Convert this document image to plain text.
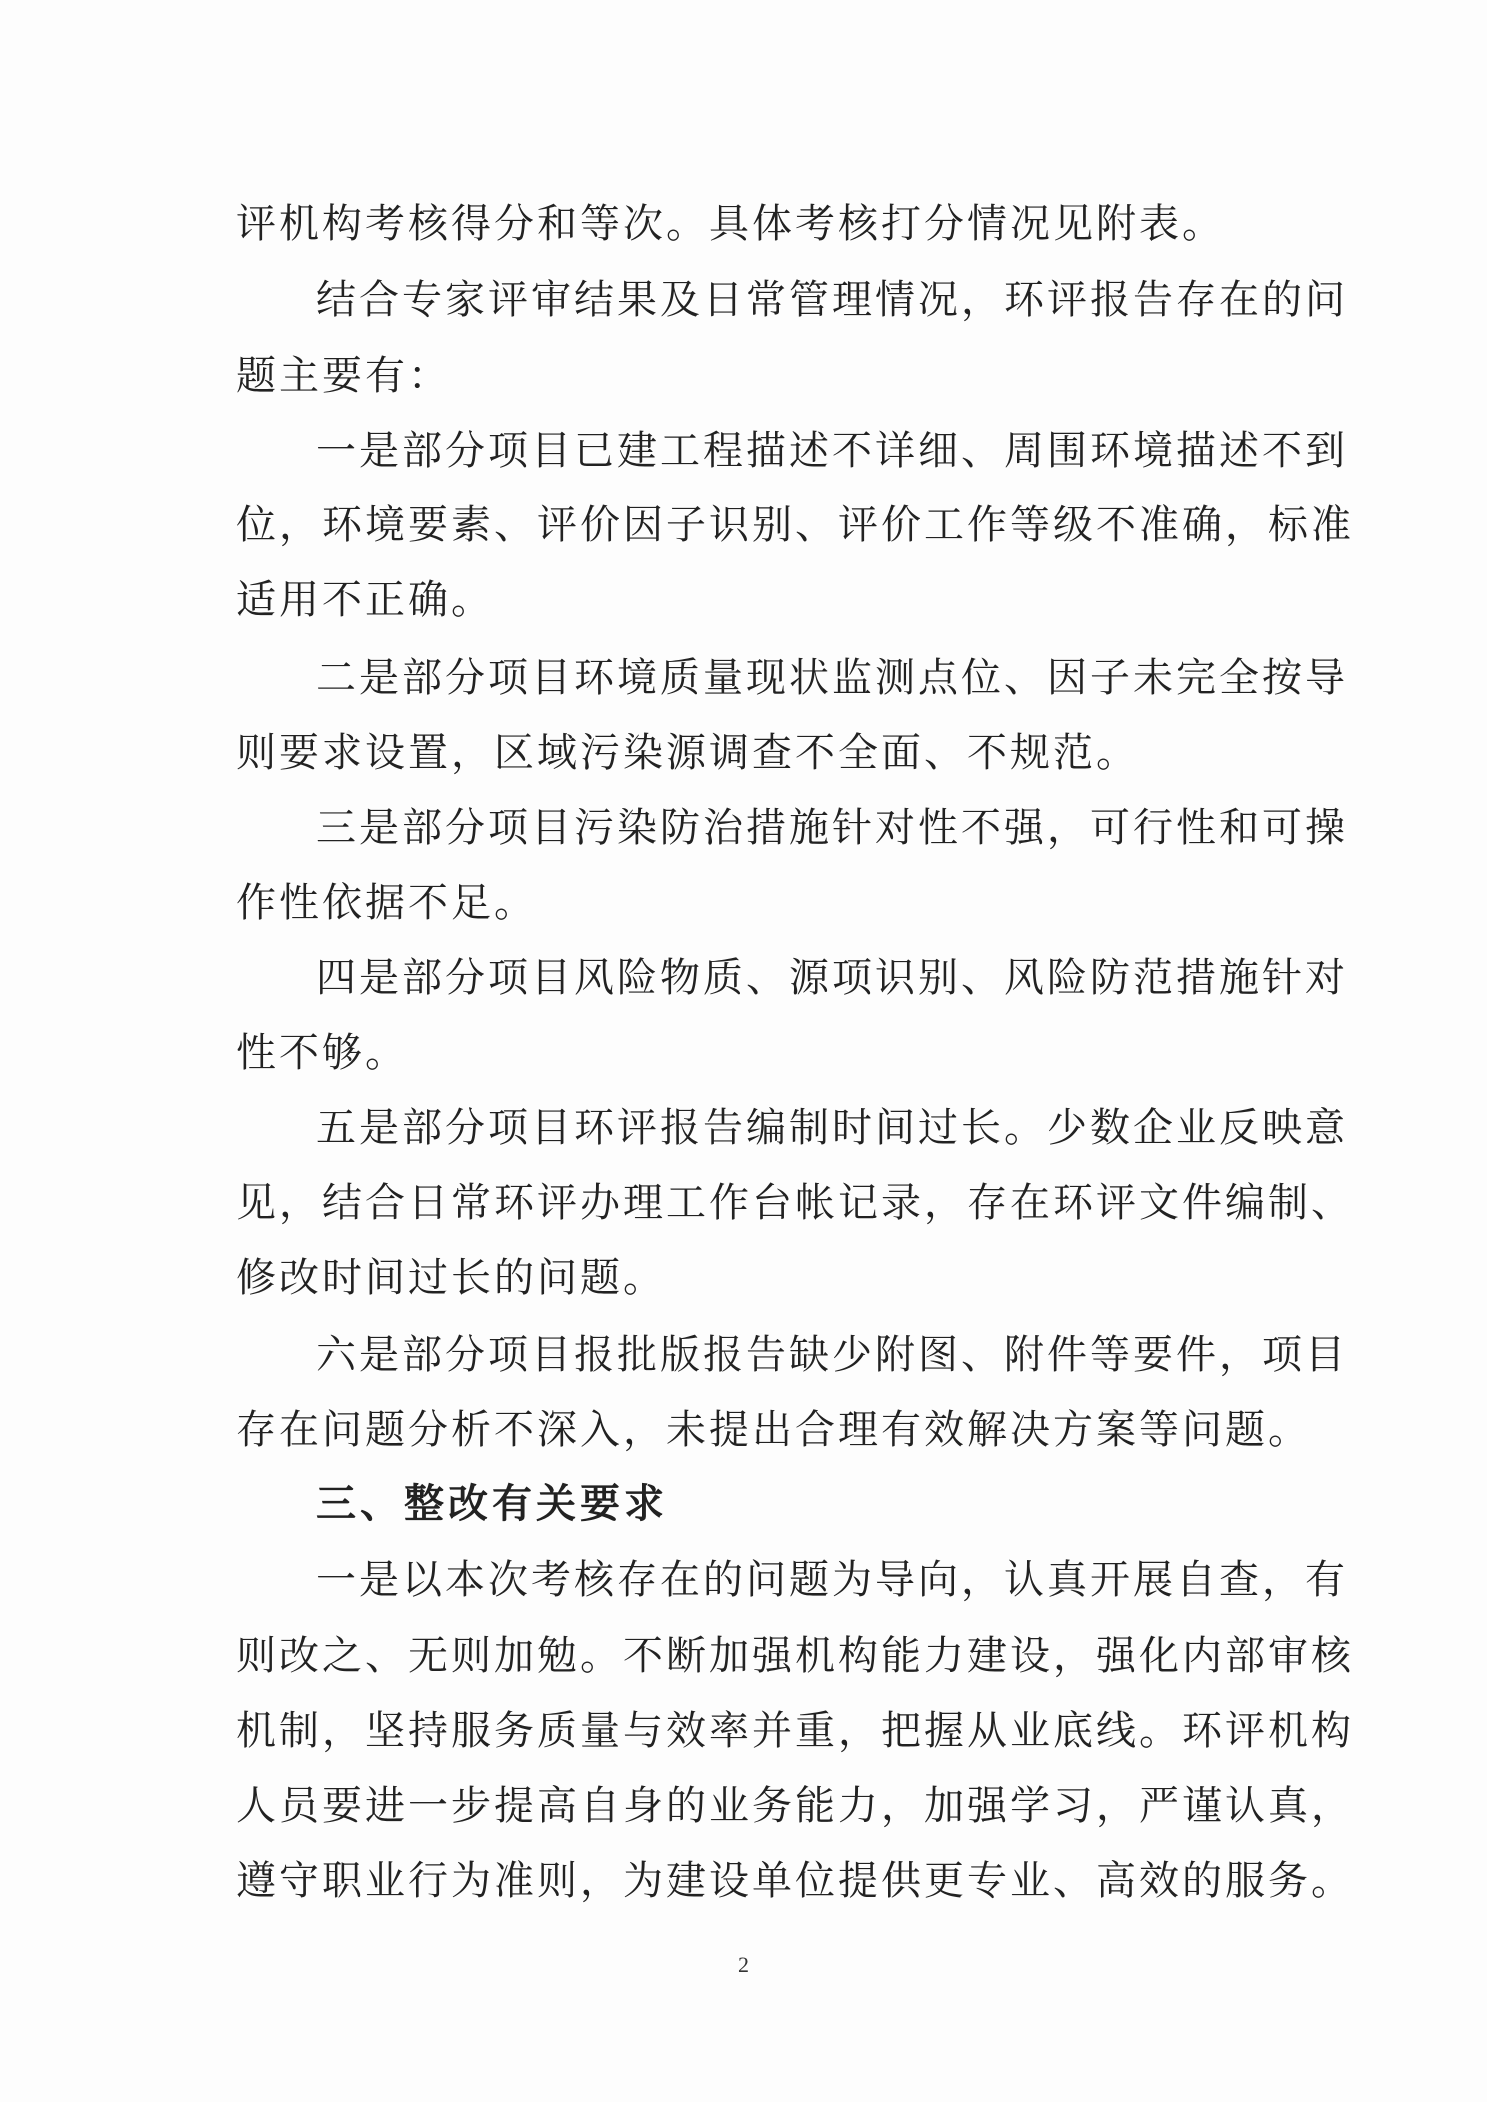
评机构考核得分和等次。具体考核打分情况见附表。
结合专家评审结果及日常管理情况，环评报告存在的问
题主要有：
一是部分项目已建工程描述不详细、周围环境描述不到
位，环境要素、评价因子识别、评价工作等级不准确，标准
适用不正确。
二是部分项目环境质量现状监测点位、因子未完全按导
则要求设置，区域污染源调查不全面、不规范。
三是部分项目污染防治措施针对性不强，可行性和可操
作性依据不足。
四是部分项目风险物质、源项识别、风险防范措施针对
性不够。
五是部分项目环评报告编制时间过长。少数企业反映意
见，结合日常环评办理工作台帐记录，存在环评文件编制、
修改时间过长的问题。
六是部分项目报批版报告缺少附图、附件等要件，项目
存在问题分析不深入，未提出合理有效解决方案等问题。
三、整改有关要求
一是以本次考核存在的问题为导向，认真开展自查，有
则改之、无则加勉。不断加强机构能力建设，强化内部审核
机制，坚持服务质量与效率并重，把握从业底线。环评机构
人员要进一步提高自身的业务能力，加强学习，严谨认真，
遵守职业行为准则，为建设单位提供更专业、高效的服务。
2
